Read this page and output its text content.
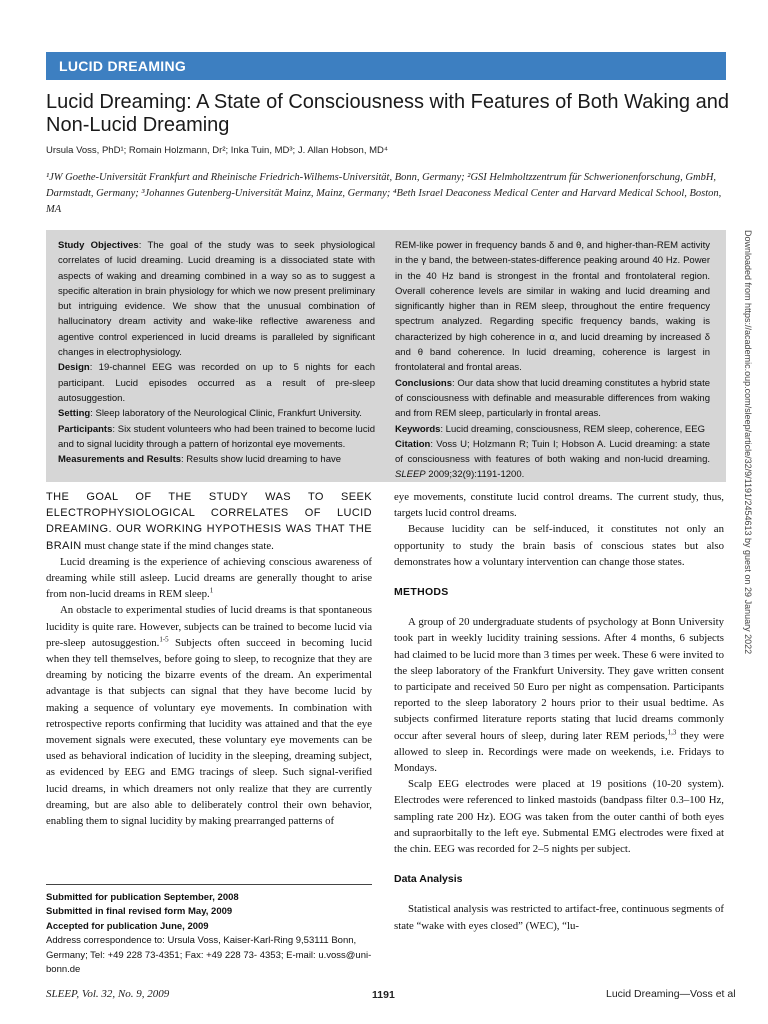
LUCID DREAMING
Lucid Dreaming: A State of Consciousness with Features of Both Waking and Non-Lucid Dreaming
Ursula Voss, PhD¹; Romain Holzmann, Dr²; Inka Tuin, MD³; J. Allan Hobson, MD⁴
¹JW Goethe-Universität Frankfurt and Rheinische Friedrich-Wilhems-Universität, Bonn, Germany; ²GSI Helmholtzzentrum für Schwerionenforschung, GmbH, Darmstadt, Germany; ³Johannes Gutenberg-Universität Mainz, Mainz, Germany; ⁴Beth Israel Deaconess Medical Center and Harvard Medical School, Boston, MA
Study Objectives: The goal of the study was to seek physiological correlates of lucid dreaming. Lucid dreaming is a dissociated state with aspects of waking and dreaming combined in a way so as to suggest a specific alteration in brain physiology for which we now present preliminary but intriguing evidence. We show that the unusual combination of hallucinatory dream activity and wake-like reflective awareness and agentive control experienced in lucid dreams is paralleled by significant changes in electrophysiology.
Design: 19-channel EEG was recorded on up to 5 nights for each participant. Lucid episodes occurred as a result of pre-sleep autosuggestion.
Setting: Sleep laboratory of the Neurological Clinic, Frankfurt University.
Participants: Six student volunteers who had been trained to become lucid and to signal lucidity through a pattern of horizontal eye movements.
Measurements and Results: Results show lucid dreaming to have
REM-like power in frequency bands δ and θ, and higher-than-REM activity in the γ band, the between-states-difference peaking around 40 Hz. Power in the 40 Hz band is strongest in the frontal and frontolateral region. Overall coherence levels are similar in waking and lucid dreaming and significantly higher than in REM sleep, throughout the entire frequency spectrum analyzed. Regarding specific frequency bands, waking is characterized by high coherence in α, and lucid dreaming by increased δ and θ band coherence. In lucid dreaming, coherence is largest in frontolateral and frontal areas.
Conclusions: Our data show that lucid dreaming constitutes a hybrid state of consciousness with definable and measurable differences from waking and from REM sleep, particularly in frontal areas.
Keywords: Lucid dreaming, consciousness, REM sleep, coherence, EEG
Citation: Voss U; Holzmann R; Tuin I; Hobson A. Lucid dreaming: a state of consciousness with features of both waking and non-lucid dreaming. SLEEP 2009;32(9):1191-1200.

THE GOAL OF THE STUDY WAS TO SEEK ELECTROPHYSIOLOGICAL CORRELATES OF LUCID DREAMING. OUR WORKING HYPOTHESIS WAS THAT THE BRAIN must change state if the mind changes state.

Lucid dreaming is the experience of achieving conscious awareness of dreaming while still asleep. Lucid dreams are generally thought to arise from non-lucid dreams in REM sleep.$^1$

An obstacle to experimental studies of lucid dreams is that spontaneous lucidity is quite rare. However, subjects can be trained to become lucid via pre-sleep autosuggestion.$^{1-5}$ Subjects often succeed in becoming lucid when they tell themselves, before going to sleep, to recognize that they are dreaming by noticing the bizarre events of the dream. An experimental advantage is that subjects can signal that they have become lucid by making a sequence of voluntary eye movements. In combination with retrospective reports confirming that lucidity was attained and that the eye movement signals were executed, these voluntary eye movements can be used as behavioral indication of lucidity in the sleeping, dreaming subject, as evidenced by EEG and EMG tracings of sleep. Such signal-verified lucid dreams, in which dreamers not only realize that they are currently dreaming, but are also able to deliberately control their own behavior, enabling them to signal lucidity by making prearranged patterns of

eye movements, constitute lucid control dreams. The current study, thus, targets lucid control dreams.

Because lucidity can be self-induced, it constitutes not only an opportunity to study the brain basis of conscious states but also demonstrates how a voluntary intervention can change those states.

METHODS

A group of 20 undergraduate students of psychology at Bonn University took part in weekly lucidity training sessions. After 4 months, 6 subjects had claimed to be lucid more than 3 times per week. These 6 were invited to the sleep laboratory of the Frankfurt University. They gave written consent to participate and received 50 Euro per night as compensation. Participants reported to the sleep laboratory 2 hours prior to their usual bedtime. As subjects confirmed literature reports stating that lucid dreams commonly occur after several hours of sleep, during later REM periods,$^{1,3}$ they were allowed to sleep in. Recordings were made on weekends, i.e. Fridays to Mondays.

Scalp EEG electrodes were placed at 19 positions (10-20 system). Electrodes were referenced to linked mastoids (bandpass filter 0.3–100 Hz, sampling rate 200 Hz). EOG was taken from the outer canthi of both eyes and supraorbitally to the left eye. Submental EMG electrodes were fixed at the chin. EEG was recorded for 2–5 nights per subject.

Data Analysis

Statistical analysis was restricted to artifact-free, continuous segments of state “wake with eyes closed” (WEC), “lu-

Submitted for publication September, 2008
Submitted in final revised form May, 2009
Accepted for publication June, 2009
Address correspondence to: Ursula Voss, Kaiser-Karl-Ring 9,53111 Bonn, Germany; Tel: +49 228 73-4351; Fax: +49 228 73- 4353; E-mail: u.voss@uni-bonn.de
SLEEP, Vol. 32, No. 9, 2009	1191	Lucid Dreaming—Voss et al
Downloaded from https://academic.oup.com/sleep/article/32/9/1191/2454613 by guest on 29 January 2022
